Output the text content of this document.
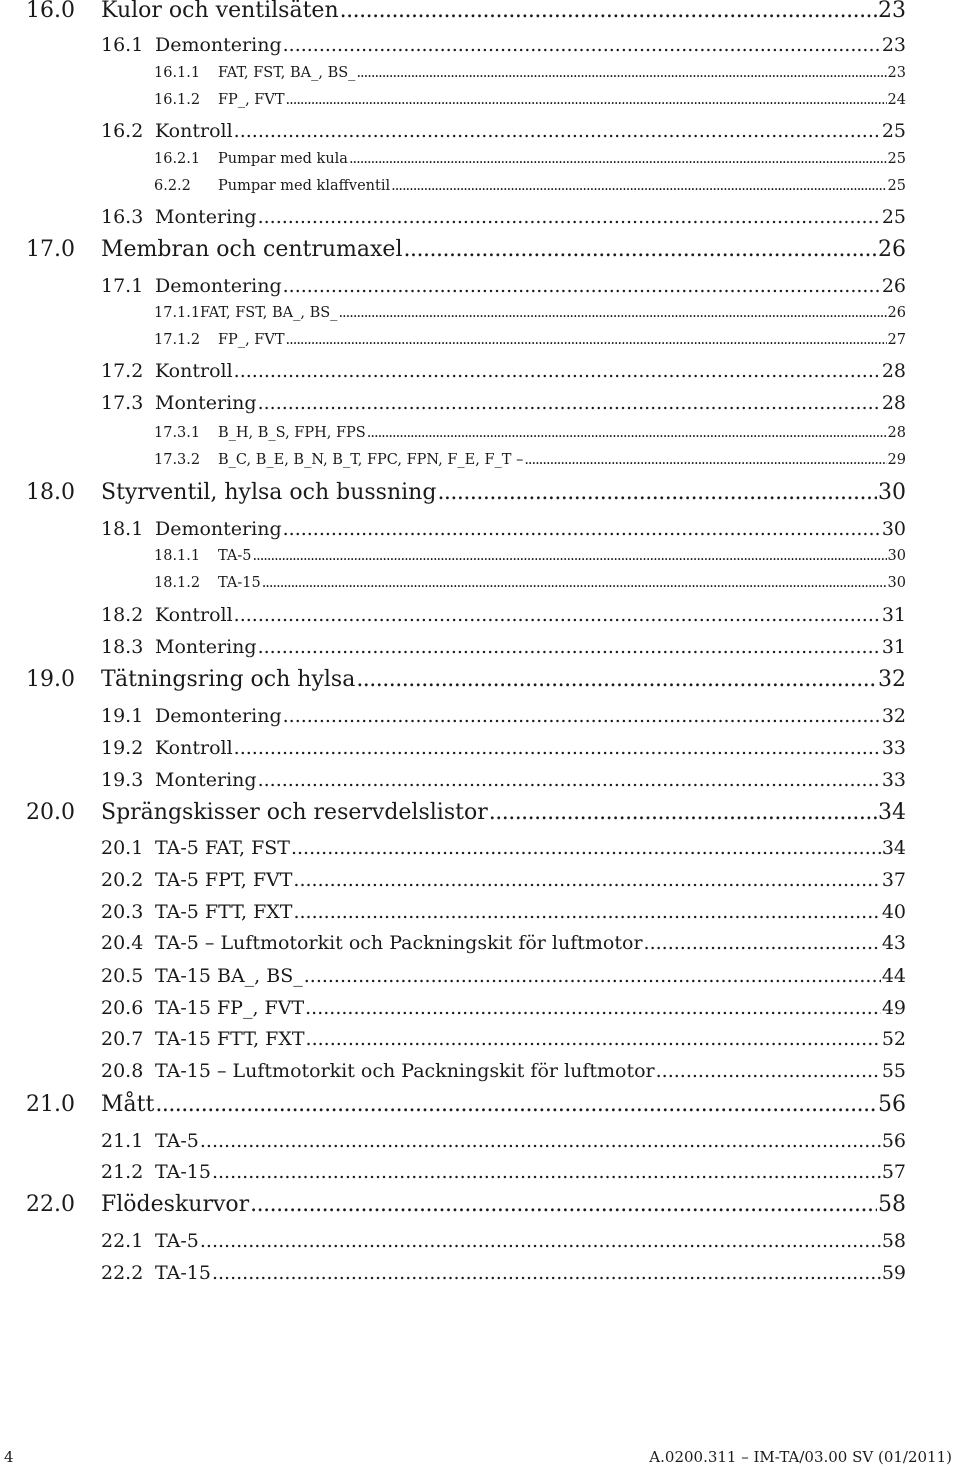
16.0	Kulor och ventilsäten .....	23
16.1 Demontering .....	23
16.1.1	FAT, FST, BA_, BS_ .....	23
16.1.2	FP_, FVT .....	24
16.2 Kontroll .....	25
16.2.1	Pumpar med kula .....	25
6.2.2	Pumpar med klaffventil .....	25
16.3 Montering .....	25
17.0	Membran och centrumaxel .....	26
17.1 Demontering .....	26
17.1.1 FAT, FST, BA_, BS_ .....	26
17.1.2	FP_, FVT .....	27
17.2 Kontroll .....	28
17.3 Montering .....	28
17.3.1	B_H, B_S, FPH, FPS .....	28
17.3.2	B_C, B_E, B_N, B_T, FPC, FPN, F_E, F_T – .....	29
18.0	Styrventil, hylsa och bussning .....	30
18.1 Demontering .....	30
18.1.1	TA-5 .....	30
18.1.2	TA-15 .....	30
18.2 Kontroll .....	31
18.3 Montering .....	31
19.0	Tätningsring och hylsa .....	32
19.1 Demontering .....	32
19.2 Kontroll .....	33
19.3 Montering .....	33
20.0	Sprängskisser och reservdelslistor .....	34
20.1 TA-5 FAT, FST .....	34
20.2 TA-5 FPT, FVT .....	37
20.3 TA-5 FTT, FXT .....	40
20.4 TA-5 – Luftmotorkit och Packningskit för luftmotor .....	43
20.5 TA-15 BA_, BS_ .....	44
20.6 TA-15 FP_, FVT .....	49
20.7 TA-15 FTT, FXT .....	52
20.8 TA-15 – Luftmotorkit och Packningskit för luftmotor .....	55
21.0	Mått .....	56
21.1 TA-5 .....	56
21.2 TA-15 .....	57
22.0	Flödeskurvor .....	58
22.1 TA-5 .....	58
22.2 TA-15 .....	59
4	A.0200.311 – IM-TA/03.00 SV (01/2011)
